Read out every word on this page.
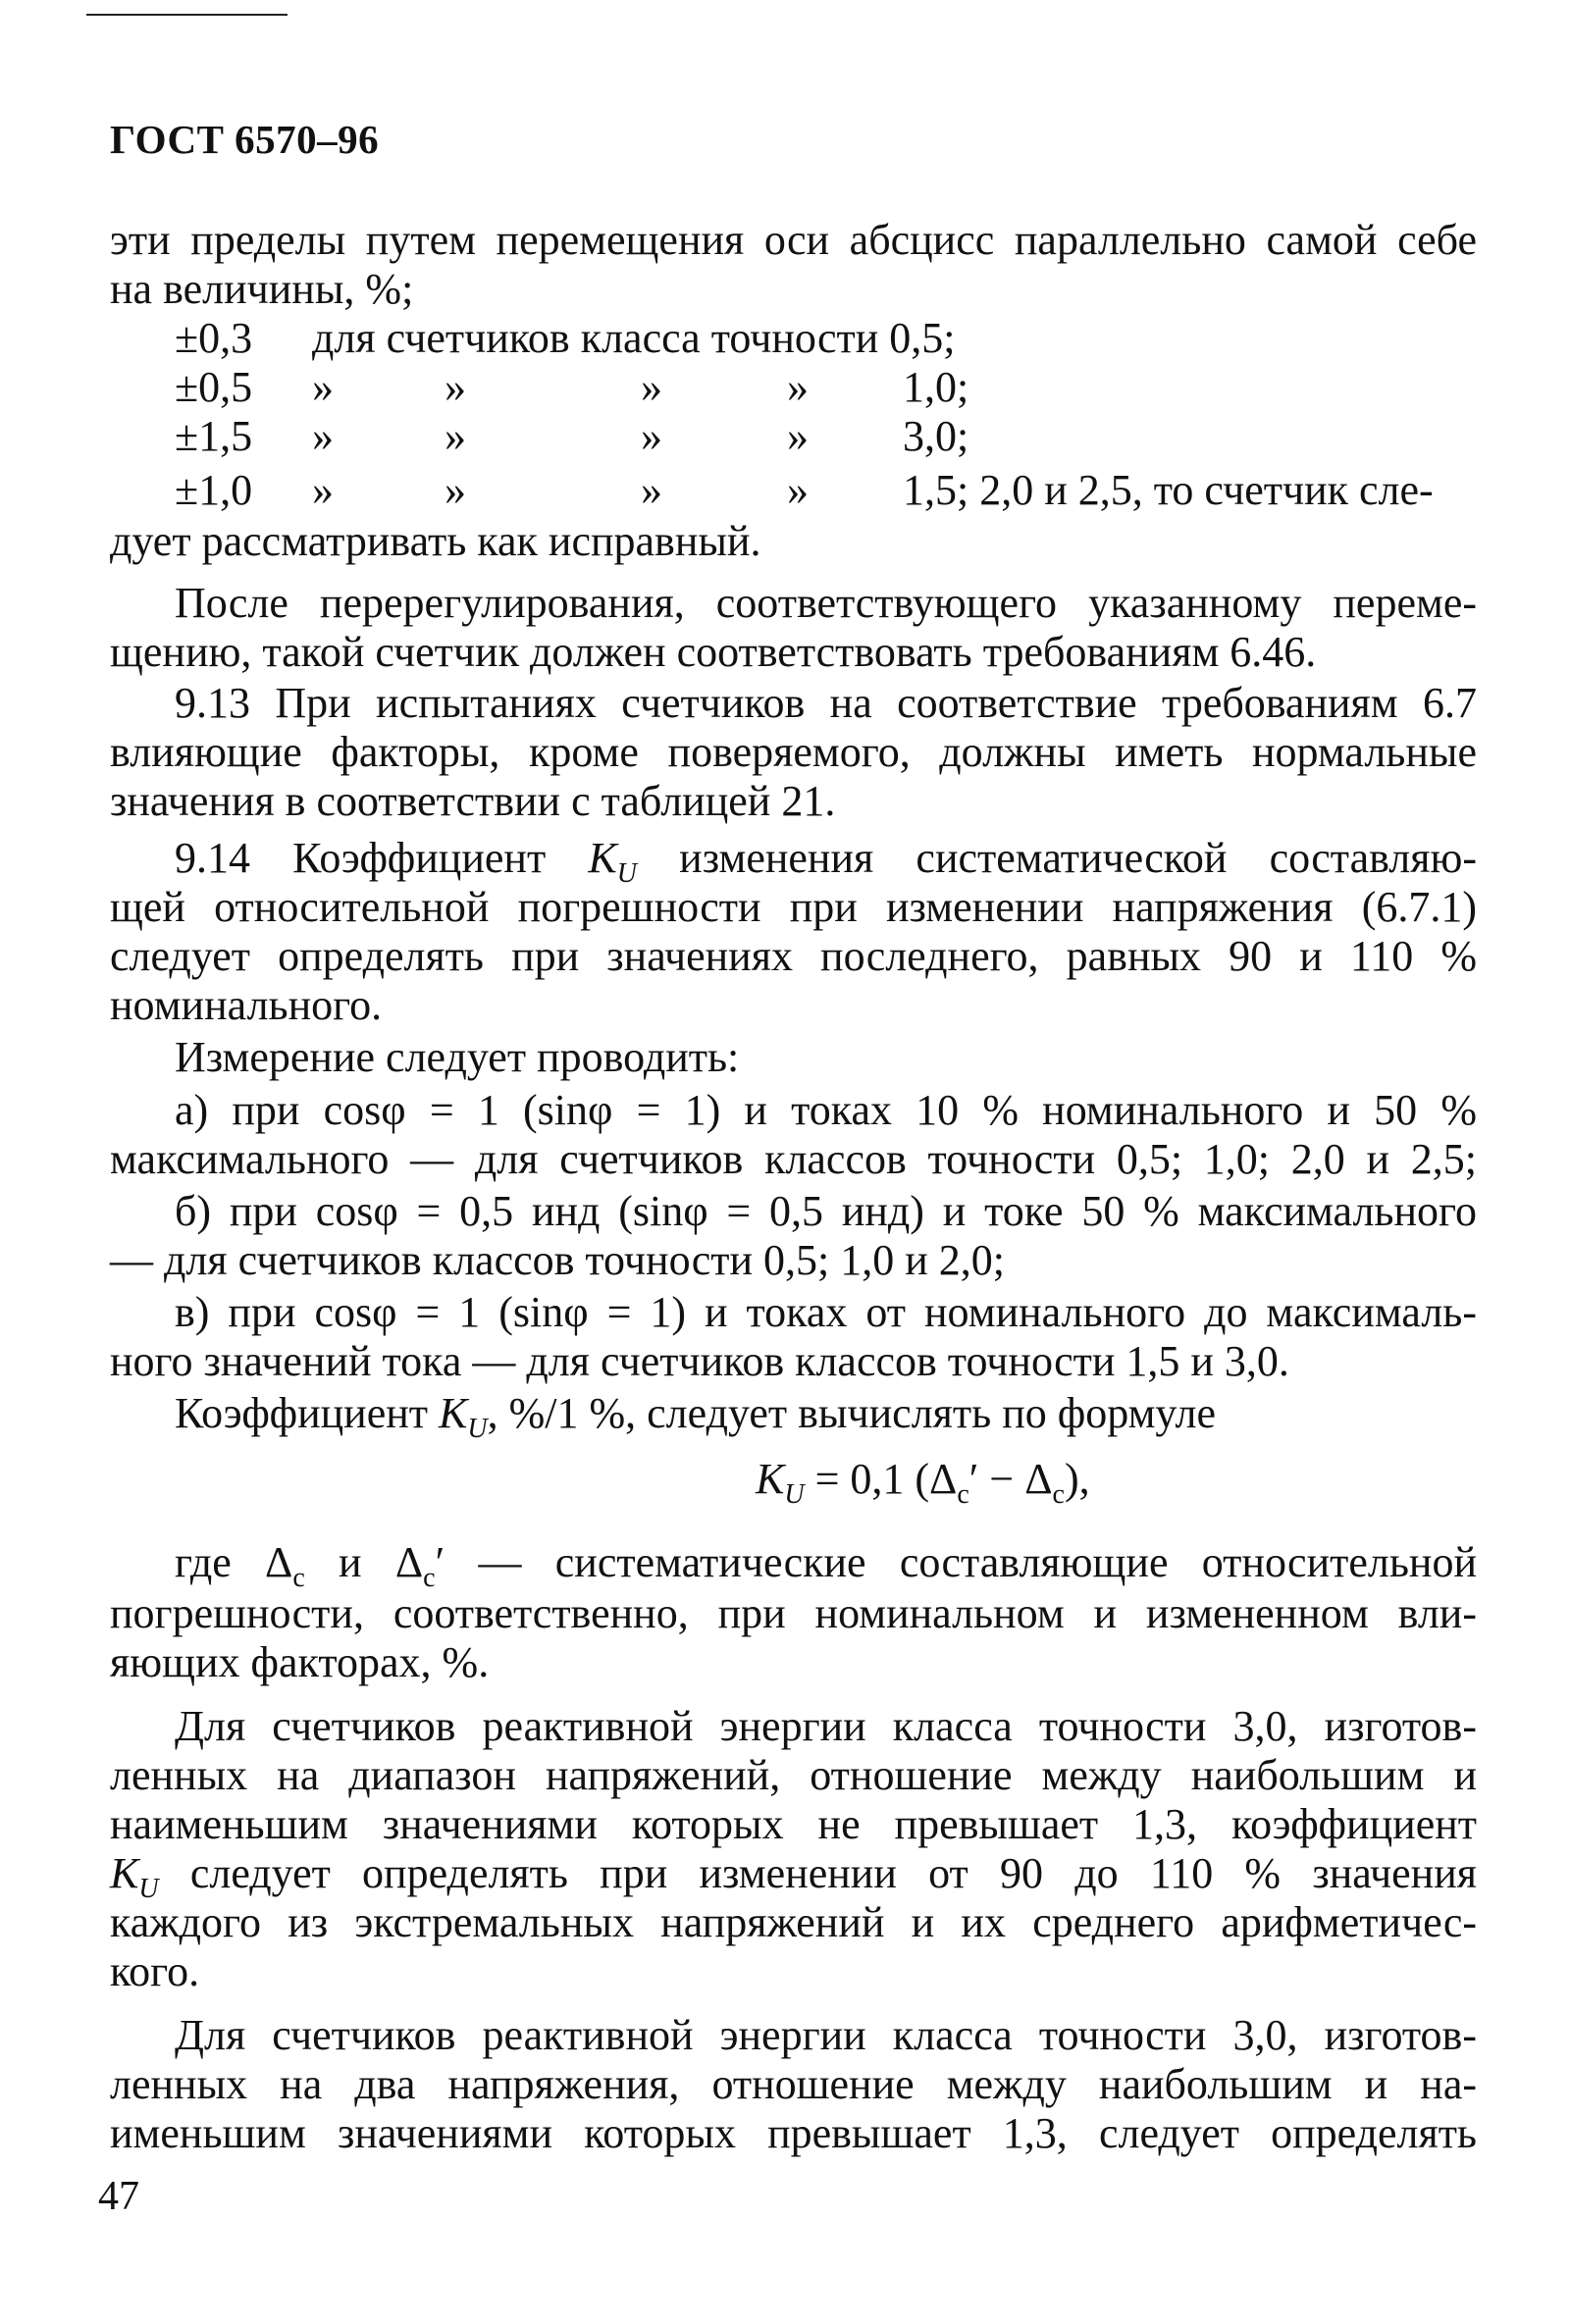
ГОСТ 6570–96
эти пределы путем перемещения оси абсцисс параллельно самой себе
на величины, %;
±0,3 для счетчиков класса точности 0,5;
±0,5 »	»	»	» 1,0;
±1,5 »	»	»	» 3,0;
±1,0 »	»	»	» 1,5; 2,0 и 2,5, то счетчик сле-
дует рассматривать как исправный.
После перерегулирования, соответствующего указанному переме-
щению, такой счетчик должен соответствовать требованиям 6.46.
9.13 При испытаниях счетчиков на соответствие требованиям 6.7
влияющие факторы, кроме поверяемого, должны иметь нормальные
значения в соответствии с таблицей 21.
9.14 Коэффициент $K_U$ изменения систематической составляю-
щей относительной погрешности при изменении напряжения (6.7.1)
следует определять при значениях последнего, равных 90 и 110 %
номинального.
Измерение следует проводить:
а) при cosφ = 1 (sinφ = 1) и токах 10 % номинального и 50 %
максимального — для счетчиков классов точности 0,5; 1,0; 2,0 и 2,5;
б) при cosφ = 0,5 инд (sinφ = 0,5 инд) и токе 50 % максимального
— для счетчиков классов точности 0,5; 1,0 и 2,0;
в) при cosφ = 1 (sinφ = 1) и токах от номинального до максималь-
ного значений тока — для счетчиков классов точности 1,5 и 3,0.
Коэффициент $K_U$, %/1 %, следует вычислять по формуле
$K_U = 0,1$ $(\Delta_c' - \Delta_c)$,
где $\Delta_c$ и $\Delta_c'$ — систематические составляющие относительной
погрешности, соответственно, при номинальном и измененном вли-
яющих факторах, %.
Для счетчиков реактивной энергии класса точности 3,0, изготов-
ленных на диапазон напряжений, отношение между наибольшим и
наименьшим значениями которых не превышает 1,3, коэффициент
$K_U$ следует определять при изменении от 90 до 110 % значения
каждого из экстремальных напряжений и их среднего арифметичес-
кого.
Для счетчиков реактивной энергии класса точности 3,0, изготов-
ленных на два напряжения, отношение между наибольшим и на-
именьшим значениями которых превышает 1,3, следует определять
47
